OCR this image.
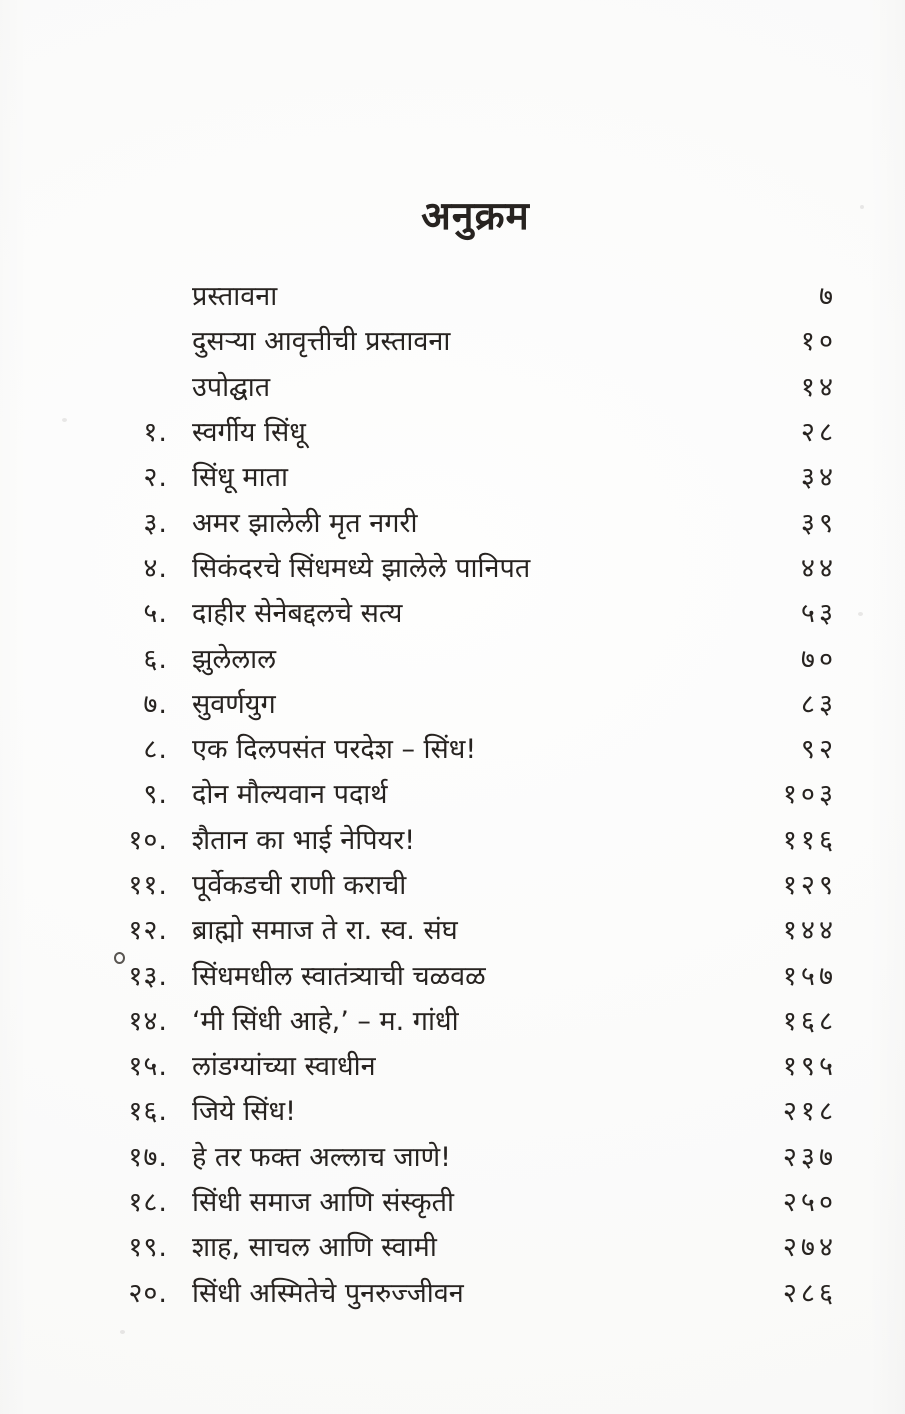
अनुक्रम
प्रस्तावना	७
दुसऱ्या आवृत्तीची प्रस्तावना	१०
उपोद्घात	१४
१. स्वर्गीय सिंधू	२८
२. सिंधू माता	३४
३. अमर झालेली मृत नगरी	३९
४. सिकंदरचे सिंधमध्ये झालेले पानिपत	४४
५. दाहीर सेनेबद्दलचे सत्य	५३
६. झुलेलाल	७०
७. सुवर्णयुग	८३
८. एक दिलपसंत परदेश – सिंध!	९२
९. दोन मौल्यवान पदार्थ	१०३
१०. शैतान का भाई नेपियर!	११६
११. पूर्वेकडची राणी कराची	१२९
१२. ब्राह्मो समाज ते रा. स्व. संघ	१४४
१३. सिंधमधील स्वातंत्र्याची चळवळ	१५७
१४. ‘मी सिंधी आहे,’ – म. गांधी	१६८
१५. लांडग्यांच्या स्वाधीन	१९५
१६. जिये सिंध!	२१८
१७. हे तर फक्त अल्लाच जाणे!	२३७
१८. सिंधी समाज आणि संस्कृती	२५०
१९. शाह, साचल आणि स्वामी	२७४
२०. सिंधी अस्मितेचे पुनरुज्जीवन	२८६
